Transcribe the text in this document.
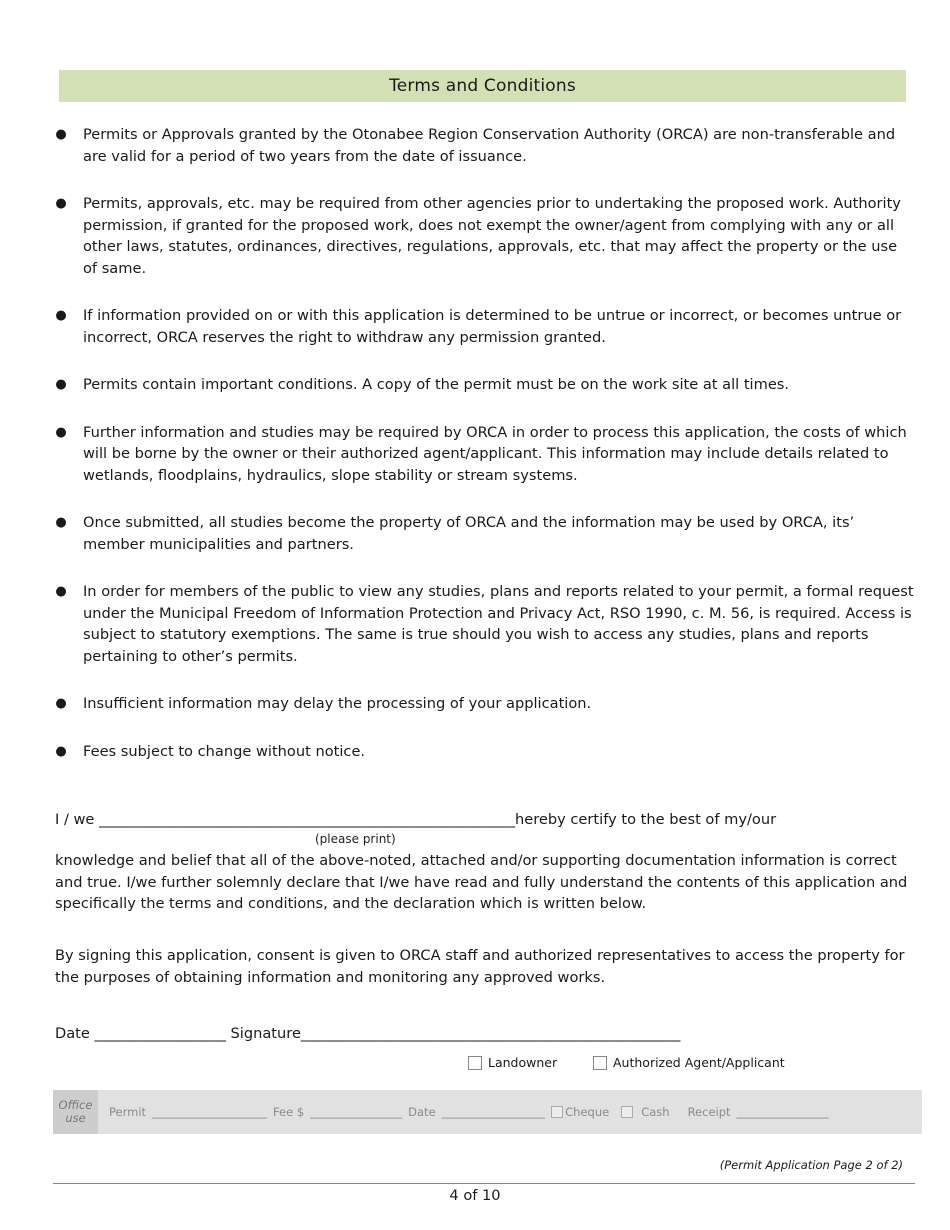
Terms and Conditions
● Permits or Approvals granted by the Otonabee Region Conservation Authority (ORCA) are non-transferable and are valid for a period of two years from the date of issuance.
● Permits, approvals, etc. may be required from other agencies prior to undertaking the proposed work. Authority permission, if granted for the proposed work, does not exempt the owner/agent from complying with any or all other laws, statutes, ordinances, directives, regulations, approvals, etc. that may affect the property or the use of same.
● If information provided on or with this application is determined to be untrue or incorrect, or becomes untrue or incorrect, ORCA reserves the right to withdraw any permission granted.
● Permits contain important conditions. A copy of the permit must be on the work site at all times.
● Further information and studies may be required by ORCA in order to process this application, the costs of which will be borne by the owner or their authorized agent/applicant. This information may include details related to wetlands, floodplains, hydraulics, slope stability or stream systems.
● Once submitted, all studies become the property of ORCA and the information may be used by ORCA, its’ member municipalities and partners.
● In order for members of the public to view any studies, plans and reports related to your permit, a formal request under the Municipal Freedom of Information Protection and Privacy Act, RSO 1990, c. M. 56, is required. Access is subject to statutory exemptions. The same is true should you wish to access any studies, plans and reports pertaining to other’s permits.
● Insufficient information may delay the processing of your application.
● Fees subject to change without notice.
I / we _________________________________________________________hereby certify to the best of my/our
(please print)

knowledge and belief that all of the above-noted, attached and/or supporting documentation information is correct and true. I/we further solemnly declare that I/we have read and fully understand the contents of this application and specifically the terms and conditions, and the declaration which is written below.

By signing this application, consent is given to ORCA staff and authorized representatives to access the property for the purposes of obtaining information and monitoring any approved works.

Date __________________ Signature____________________________________________________
Landowner	Authorized Agent/Applicant
Office use	Permit ____________________ Fee $ ________________ Date __________________ Cheque	Cash Receipt ________________
(Permit Application Page 2 of 2)
4 of 10
